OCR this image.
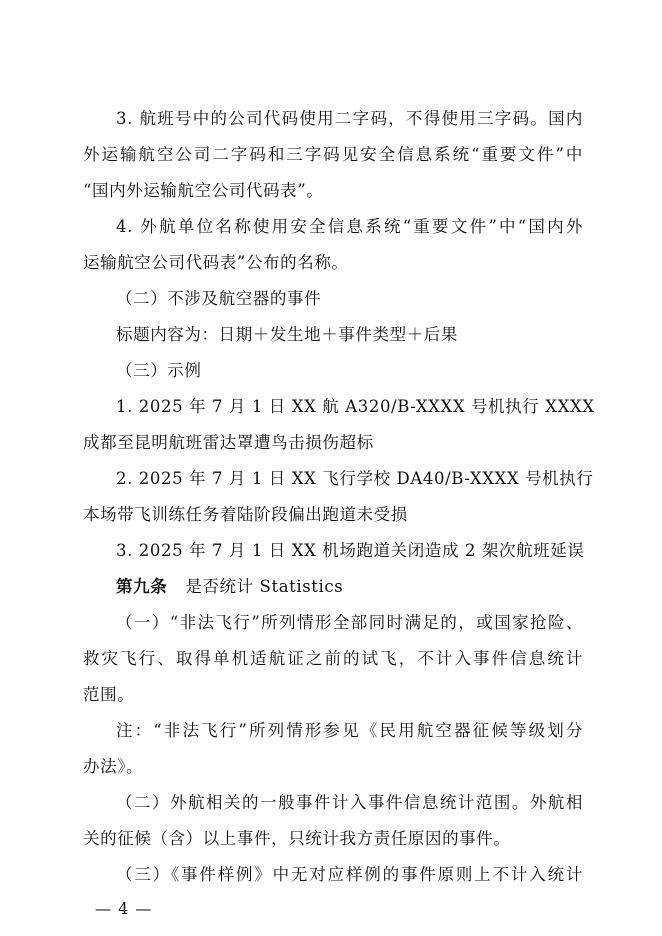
3. 航班号中的公司代码使用二字码，不得使用三字码。国内
外运输航空公司二字码和三字码见安全信息系统“重要文件”中
“国内外运输航空公司代码表”。
4. 外航单位名称使用安全信息系统“重要文件”中“国内外
运输航空公司代码表”公布的名称。
（二）不涉及航空器的事件
标题内容为：日期＋发生地＋事件类型＋后果
（三）示例
1. 2025 年 7 月 1 日 XX 航 A320/B-XXXX 号机执行 XXXX
成都至昆明航班雷达罩遭鸟击损伤超标
2. 2025 年 7 月 1 日 XX 飞行学校 DA40/B-XXXX 号机执行
本场带飞训练任务着陆阶段偏出跑道未受损
3. 2025 年 7 月 1 日 XX 机场跑道关闭造成 2 架次航班延误
第九条 是否统计 Statistics
（一）“非法飞行”所列情形全部同时满足的，或国家抢险、
救灾飞行、取得单机适航证之前的试飞，不计入事件信息统计
范围。
注：“非法飞行”所列情形参见《民用航空器征候等级划分
办法》。
（二）外航相关的一般事件计入事件信息统计范围。外航相
关的征候（含）以上事件，只统计我方责任原因的事件。
（三）《事件样例》中无对应样例的事件原则上不计入统计
— 4 —
